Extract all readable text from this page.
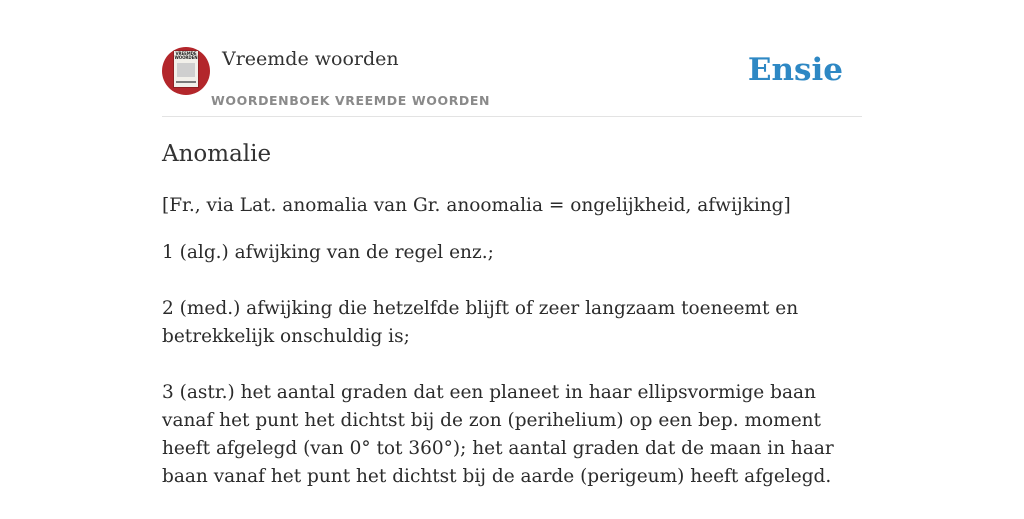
VREEMDE WOORDEN Vreemde woorden
WOORDENBOEK VREEMDE WOORDEN
Ensie
Anomalie
[Fr., via Lat. anomalia van Gr. anoomalia = ongelijkheid, afwijking]

1 (alg.) afwijking van de regel enz.;

2 (med.) afwijking die hetzelfde blijft of zeer langzaam toeneemt en betrekkelijk onschuldig is;

3 (astr.) het aantal graden dat een planeet in haar ellipsvormige baan vanaf het punt het dichtst bij de zon (perihelium) op een bep. moment heeft afgelegd (van 0° tot 360°); het aantal graden dat de maan in haar baan vanaf het punt het dichtst bij de aarde (perigeum) heeft afgelegd.
